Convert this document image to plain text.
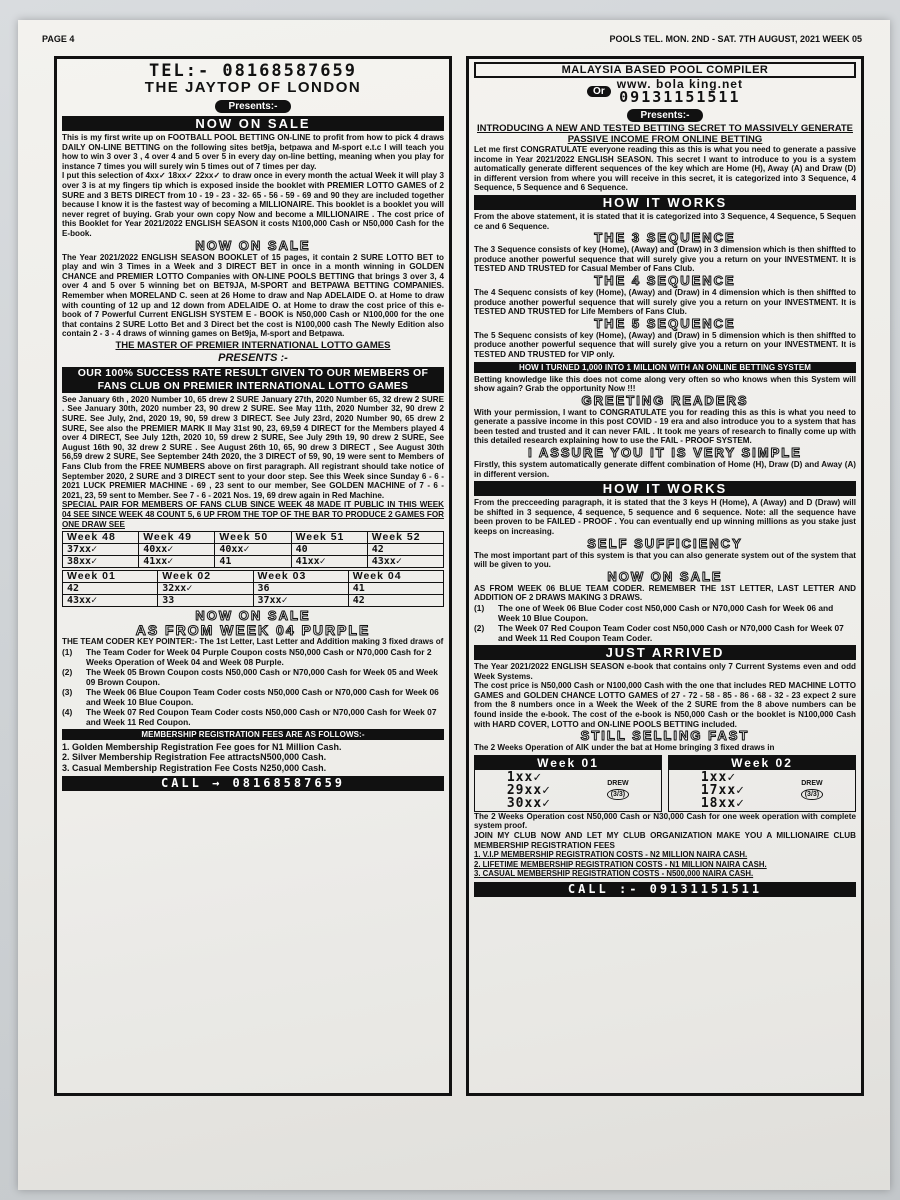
PAGE 4	POOLS TEL. MON. 2ND - SAT. 7TH AUGUST, 2021 WEEK 05
TEL:- 08168587659
THE JAYTOP OF LONDON
Presents:-
NOW ON SALE

This is my first write up on FOOTBALL POOL BETTING ON-LINE to profit from how to pick 4 draws DAILY ON-LINE BETTING on the following sites bet9ja, betpawa and M-sport e.t.c I will teach you how to win 3 over 3 , 4 over 4 and 5 over 5 in every day on-line betting, meaning when you play for instance 7 times you will surely win 5 times out of 7 times per day.

I put this selection of 4xx✓ 18xx✓ 22xx✓ to draw once in every month the actual Week it will play 3 over 3 is at my fingers tip which is exposed inside the booklet with PREMIER LOTTO GAMES of 2 SURE and 3 BETS DIRECT from 10 - 19 - 23 - 32- 65 - 56 - 59 - 69 and 90 they are included together because I know it is the fastest way of becoming a MILLIONAIRE. This booklet is a booklet you will never regret of buying. Grab your own copy Now and become a MILLIONAIRE . The cost price of this Booklet for Year 2021/2022 ENGLISH SEASON it costs N100,000 Cash or N50,000 Cash for the E-book.

NOW ON SALE

The Year 2021/2022 ENGLISH SEASON BOOKLET of 15 pages, it contain 2 SURE LOTTO BET to play and win 3 Times in a Week and 3 DIRECT BET in once in a month winning in GOLDEN CHANCE and PREMIER LOTTO Companies with ON-LINE POOLS BETTING that brings 3 over 3, 4 over 4 and 5 over 5 winning bet on BET9JA, M-SPORT and BETPAWA BETTING COMPANIES. Remember when MORELAND C. seen at 26 Home to draw and Nap ADELAIDE O. at Home to draw with counting of 12 up and 12 down from ADELAIDE O. at Home to draw the cost price of this e-book of 7 Powerful Current ENGLISH SYSTEM E - BOOK is N50,000 Cash or N100,000 for the one that contains 2 SURE Lotto Bet and 3 Direct bet the cost is N100,000 cash The Newly Edition also contain 2 - 3 - 4 draws of winning games on Bet9ja, M-sport and Betpawa.

THE MASTER OF PREMIER INTERNATIONAL LOTTO GAMES
PRESENTS :-
OUR 100% SUCCESS RATE RESULT GIVEN TO OUR MEMBERS OF FANS CLUB ON PREMIER INTERNATIONAL LOTTO GAMES

See January 6th , 2020 Number 10, 65 drew 2 SURE January 27th, 2020 Number 65, 32 drew 2 SURE . See January 30th, 2020 number 23, 90 drew 2 SURE. See May 11th, 2020 Number 32, 90 drew 2 SURE. See July, 2nd, 2020 19, 90, 59 drew 3 DIRECT. See July 23rd, 2020 Number 90, 65 drew 2 SURE, See also the PREMIER MARK II May 31st 90, 23, 69,59 4 DIRECT for the Members played 4 over 4 DIRECT, See July 12th, 2020 10, 59 drew 2 SURE, See July 29th 19, 90 drew 2 SURE, See August 16th 90, 32 drew 2 SURE . See August 26th 10, 65, 90 drew 3 DIRECT , See August 30th 56,59 drew 2 SURE, See September 24th 2020, the 3 DIRECT of 59, 90, 19 were sent to Members of Fans Club from the FREE NUMBERS above on first paragraph. All registrant should take notice of September 2020, 2 SURE and 3 DIRECT sent to your door step. See this Week since Sunday 6 - 6 - 2021 LUCK PREMIER MACHINE - 69 , 23 sent to our member, See GOLDEN MACHINE of 7 - 6 - 2021, 23, 59 sent to Member. See 7 - 6 - 2021 Nos. 19, 69 drew again in Red Machine.

SPECIAL PAIR FOR MEMBERS OF FANS CLUB SINCE WEEK 48 MADE IT PUBLIC IN THIS WEEK 04 SEE SINCE WEEK 48 COUNT 5, 6 UP FROM THE TOP OF THE BAR TO PRODUCE 2 GAMES FOR ONE DRAW SEE

Week 48	Week 49	Week 50	Week 51	Week 52
37xx✓	40xx✓	40xx✓	40	42
38xx✓	41xx✓	41	41xx✓	43xx✓
Week 01	Week 02	Week 03	Week 04
42	32xx✓	36	41
43xx✓	33	37xx✓	42
NOW ON SALE
AS FROM WEEK 04 PURPLE

THE TEAM CODER KEY POINTER:- The 1st Letter, Last Letter and Addition making 3 fixed draws of

(1)	The Team Coder for Week 04 Purple Coupon costs N50,000 Cash or N70,000 Cash for 2 Weeks Operation of Week 04 and Week 08 Purple.
(2)	The Week 05 Brown Coupon costs N50,000 Cash or N70,000 Cash for Week 05 and Week 09 Brown Coupon.
(3)	The Week 06 Blue Coupon Team Coder costs N50,000 Cash or N70,000 Cash for Week 06 and Week 10 Blue Coupon.
(4)	The Week 07 Red Coupon Team Coder costs N50,000 Cash or N70,000 Cash for Week 07 and Week 11 Red Coupon.
MEMBERSHIP REGISTRATION FEES ARE AS FOLLOWS:-
1. Golden Membership Registration Fee goes for N1 Million Cash.
2. Silver Membership Registration Fee attractsN500,000 Cash.
3. Casual Membership Registration Fee Costs N250,000 Cash.
CALL → 08168587659
MALAYSIA BASED POOL COMPILER
Or
www. bola king.net
09131151511
Presents:-
INTRODUCING A NEW AND TESTED BETTING SECRET TO MASSIVELY GENERATE PASSIVE INCOME FROM ONLINE BETTING

Let me first CONGRATULATE everyone reading this as this is what you need to generate a passive income in Year 2021/2022 ENGLISH SEASON. This secret I want to introduce to you is a system automatically generate different sequences of the key which are Home (H), Away (A) and Draw (D) in different version from where you will receive in this secret, it is categorized into 3 Sequence, 4 Sequence, 5 Sequence and 6 Sequence.

HOW IT WORKS

From the above statement, it is stated that it is categorized into 3 Sequence, 4 Sequence, 5 Sequen ce and 6 Sequence.

THE 3 SEQUENCE

The 3 Sequence consists of key (Home), (Away) and (Draw) in 3 dimension which is then shiffted to produce another powerful sequence that will surely give you a return on your INVESTMENT. It is TESTED AND TRUSTED for Casual Member of Fans Club.

THE 4 SEQUENCE

The 4 Sequenc consists of key (Home), (Away) and (Draw) in 4 dimension which is then shiffted to produce another powerful sequence that will surely give you a return on your INVESTMENT. It is TESTED AND TRUSTED for Life Members of Fans Club.

THE 5 SEQUENCE

The 5 Sequenc consists of key (Home), (Away) and (Draw) in 5 dimension which is then shiffted to produce another powerful sequence that will surely give you a return on your INVESTMENT. It is TESTED AND TRUSTED for VIP only.

HOW I TURNED 1,000 INTO 1 MILLION WITH AN ONLINE BETTING SYSTEM

Betting knowledge like this does not come along very often so who knows when this System will show again? Grab the opportunity Now !!!

GREETING READERS

With your permission, I want to CONGRATULATE you for reading this as this is what you need to generate a passive income in this post COVID - 19 era and also introduce you to a system that has been tested and trusted and it can never FAIL . It took me years of research to finally come up with this detailed research explaining how to use the FAIL - PROOF SYSTEM.

I ASSURE YOU IT IS VERY SIMPLE

Firstly, this system automatically generate diffent combination of Home (H), Draw (D) and Away (A) in different version.

HOW IT WORKS

From the precceeding paragraph, it is stated that the 3 keys H (Home), A (Away) and D (Draw) will be shifted in 3 sequence, 4 sequence, 5 sequence and 6 sequence. Note: all the sequence have been proven to be FAILED - PROOF . You can eventually end up winning millions as you stake just keeps on increasing.

SELF SUFFICIENCY

The most important part of this system is that you can also generate system out of the system that will be given to you.

NOW ON SALE

AS FROM WEEK 06 BLUE TEAM CODER. REMEMBER THE 1ST LETTER, LAST LETTER AND ADDITION OF 2 DRAWS MAKING 3 DRAWS.

(1)	The one of Week 06 Blue Coder cost N50,000 Cash or N70,000 Cash for Week 06 and Week 10 Blue Coupon.
(2)	The Week 07 Red Coupon Team Coder cost N50,000 Cash or N70,000 Cash for Week 07 and Week 11 Red Coupon Team Coder.
JUST ARRIVED

The Year 2021/2022 ENGLISH SEASON e-book that contains only 7 Current Systems even and odd Week Systems.

The cost price is N50,000 Cash or N100,000 Cash with the one that includes RED MACHINE LOTTO GAMES and GOLDEN CHANCE LOTTO GAMES of 27 - 72 - 58 - 85 - 86 - 68 - 32 - 23 expect 2 sure from the 8 numbers once in a Week the Week of the 2 SURE from the 8 above numbers can be found inside the e-book. The cost of the e-book is N50,000 Cash or the booklet is N100,000 Cash with HARD COVER, LOTTO and ON-LINE POOLS BETTING included.

STILL SELLING FAST

The 2 Weeks Operation of AIK under the bat at Home bringing 3 fixed draws in

Week 01
1xx✓
29xx✓
30xx✓
DREW
(3/3)
Week 02
1xx✓
17xx✓
18xx✓
DREW
(3/3)

The 2 Weeks Operation cost N50,000 Cash or N30,000 Cash for one week operation with complete system proof.

JOIN MY CLUB NOW AND LET MY CLUB ORGANIZATION MAKE YOU A MILLIONAIRE CLUB MEMBERSHIP REGISTRATION FEES

1. V.I.P MEMBERSHIP REGISTRATION COSTS - N2 MILLION NAIRA CASH.
2. LIFETIME MEMBERSHIP REGISTRATION COSTS - N1 MILLION NAIRA CASH.
3. CASUAL MEMBERSHIP REGISTRATION COSTS - N500,000 NAIRA CASH.
CALL :- 09131151511
